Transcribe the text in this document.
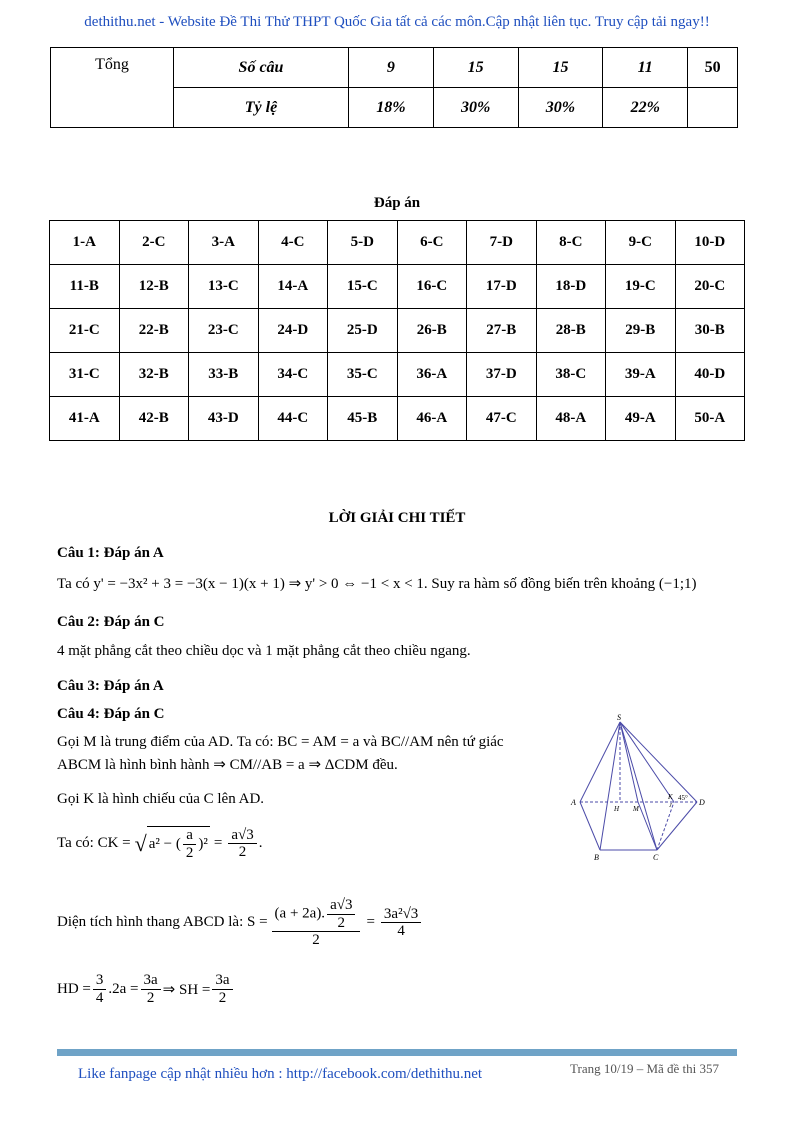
dethithu.net - Website Đề Thi Thử THPT Quốc Gia tất cả các môn.Cập nhật liên tục. Truy cập tải ngay!!
Tổng	Số câu	9	15	15	11	50
	Tỷ lệ	18%	30%	30%	22%	
Đáp án
1-A	2-C	3-A	4-C	5-D	6-C	7-D	8-C	9-C	10-D
11-B	12-B	13-C	14-A	15-C	16-C	17-D	18-D	19-C	20-C
21-C	22-B	23-C	24-D	25-D	26-B	27-B	28-B	29-B	30-B
31-C	32-B	33-B	34-C	35-C	36-A	37-D	38-C	39-A	40-D
41-A	42-B	43-D	44-C	45-B	46-A	47-C	48-A	49-A	50-A
LỜI GIẢI CHI TIẾT
Câu 1: Đáp án A
Ta có y' = −3x² + 3 = −3(x − 1)(x + 1) ⇒ y' > 0 ⇔ −1 < x < 1. Suy ra hàm số đồng biến trên khoảng (−1;1)
Câu 2: Đáp án C
4 mặt phẳng cắt theo chiều dọc và 1 mặt phẳng cắt theo chiều ngang.
Câu 3: Đáp án A
Câu 4: Đáp án C
Gọi M là trung điểm của AD. Ta có: BC = AM = a và BC//AM nên tứ giác
ABCM là hình bình hành ⇒ CM//AB = a ⇒ ΔCDM đều.
Gọi K là hình chiếu của C lên AD.
Ta có: CK = √ a² − ( $\frac{a}{2} )^2 = \frac{a√3}{2}$ .
Diện tích hình thang ABCD là: $S = \frac{(a + 2a). \frac{a√3}{2}}{2} = \frac{\text{3a²√3}}{4}$
HD = $\frac{3}{4} .2a = \frac{3a}{2}$ ⇒ SH = $\frac{3a}{2}$
S
A
B	C
D
H M
K
J
45°
Like fanpage cập nhật nhiều hơn : http://facebook.com/dethithu.net	Trang 10/19 – Mã đề thi 357
